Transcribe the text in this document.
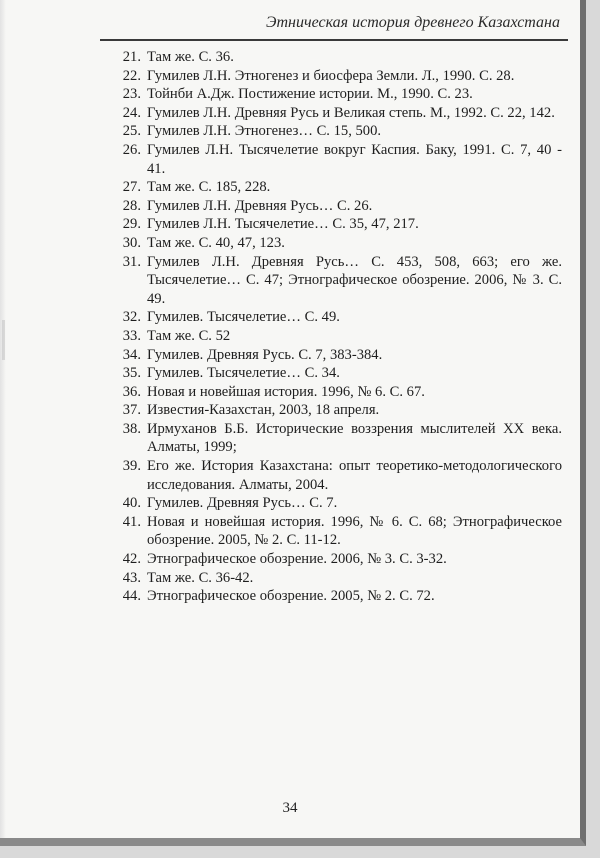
Этническая история древнего Казахстана
21. Там же. С. 36.
22. Гумилев Л.Н. Этногенез и биосфера Земли. Л., 1990. С. 28.
23. Тойнби А.Дж. Постижение истории. М., 1990. С. 23.
24. Гумилев Л.Н. Древняя Русь и Великая степь. М., 1992. С. 22, 142.
25. Гумилев Л.Н. Этногенез… С. 15, 500.
26. Гумилев Л.Н. Тысячелетие вокруг Каспия. Баку, 1991. С. 7, 40 - 41.
27. Там же. С. 185, 228.
28. Гумилев Л.Н. Древняя Русь… С. 26.
29. Гумилев Л.Н. Тысячелетие… С. 35, 47, 217.
30. Там же. С. 40, 47, 123.
31. Гумилев Л.Н. Древняя Русь… С. 453, 508, 663; его же. Тысячелетие… С. 47; Этнографическое обозрение. 2006, № 3. С. 49.
32. Гумилев. Тысячелетие… С. 49.
33. Там же. С. 52
34. Гумилев. Древняя Русь. С. 7, 383-384.
35. Гумилев. Тысячелетие… С. 34.
36. Новая и новейшая история. 1996, № 6. С. 67.
37. Известия-Казахстан, 2003, 18 апреля.
38. Ирмуханов Б.Б. Исторические воззрения мыслителей XX века. Алматы, 1999;
39. Его же. История Казахстана: опыт теоретико-методологического исследования. Алматы, 2004.
40. Гумилев. Древняя Русь… С. 7.
41. Новая и новейшая история. 1996, № 6. С. 68; Этнографическое обозрение. 2005, № 2. С. 11-12.
42. Этнографическое обозрение. 2006, № 3. С. 3-32.
43. Там же. С. 36-42.
44. Этнографическое обозрение. 2005, № 2. С. 72.
34
